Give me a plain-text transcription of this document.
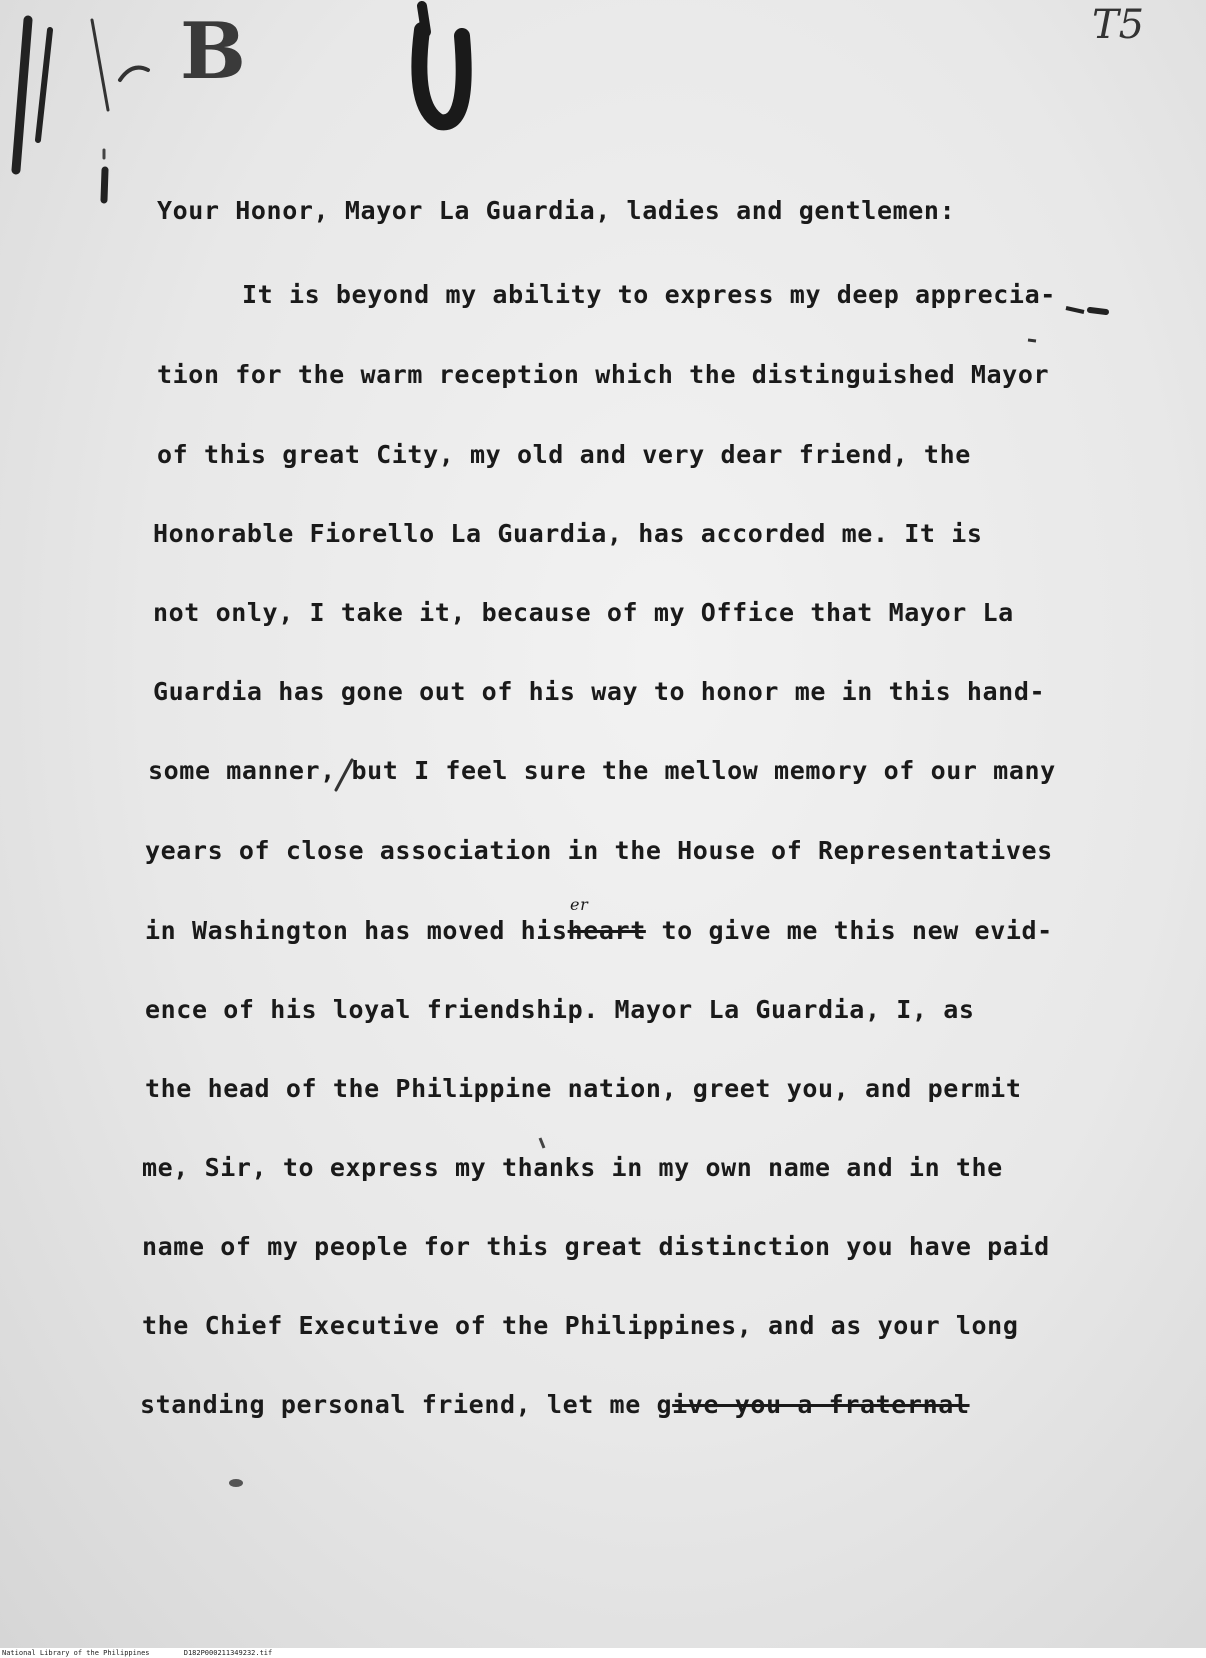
B	T5
Your Honor, Mayor La Guardia, ladies and gentlemen:
It is beyond my ability to express my deep apprecia-
tion for the warm reception which the distinguished Mayor
of this great City, my old and very dear friend, the
Honorable Fiorello La Guardia, has accorded me. It is
not only, I take it, because of my Office that Mayor La
Guardia has gone out of his way to honor me in this hand-
some manner, but I feel sure the mellow memory of our many
years of close association in the House of Representatives
in Washington has moved hisheart to give me this new evid-
er
ence of his loyal friendship. Mayor La Guardia, I, as
the head of the Philippine nation, greet you, and permit
me, Sir, to express my thanks in my own name and in the
name of my people for this great distinction you have paid
the Chief Executive of the Philippines, and as your long
standing personal friend, let me give you a fraternal
National Library of the Philippines	D182P000211349232.tif
